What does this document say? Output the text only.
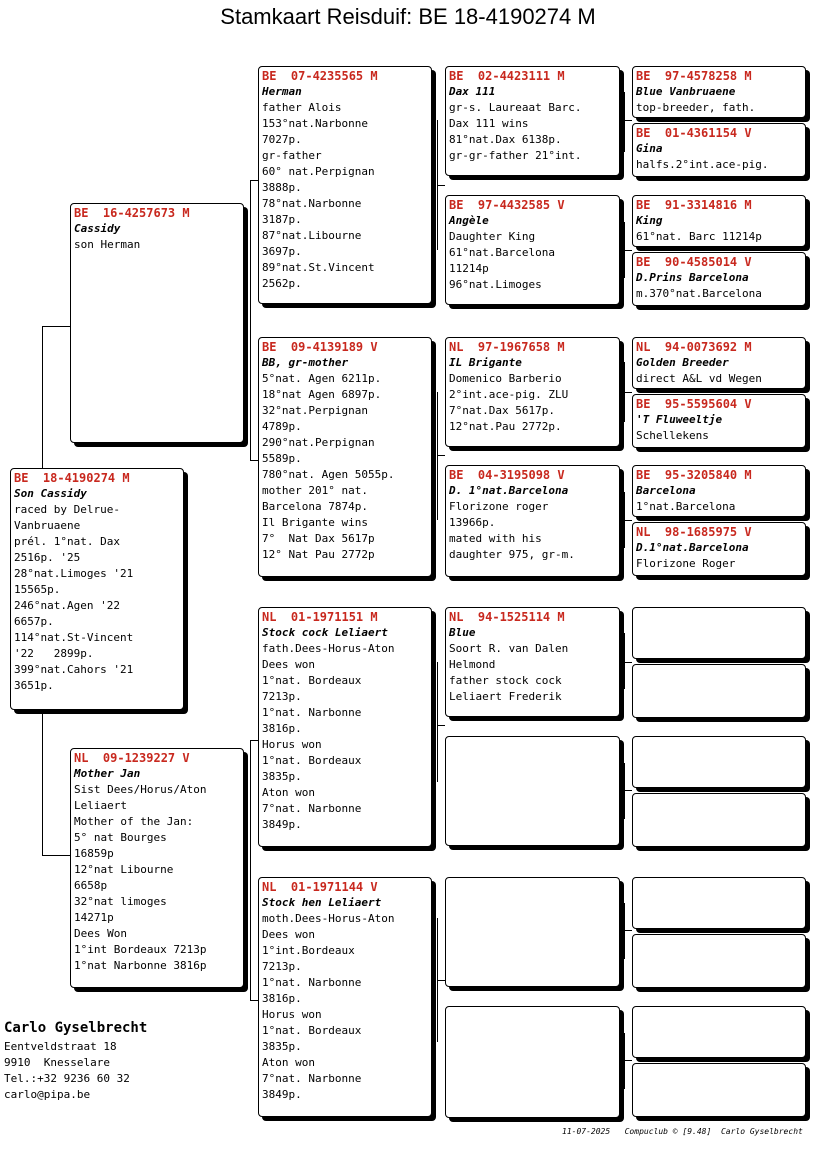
Stamkaart Reisduif: BE 18-4190274 M
BE  18-4190274 M
Son Cassidy
raced by Delrue-
Vanbruaene
prél. 1°nat. Dax
2516p. '25
28°nat.Limoges '21
15565p.
246°nat.Agen '22
6657p.
114°nat.St-Vincent
'22   2899p.
399°nat.Cahors '21
3651p.
BE  16-4257673 M
Cassidy
son Herman
NL  09-1239227 V
Mother Jan
Sist Dees/Horus/Aton
Leliaert
Mother of the Jan:
5° nat Bourges
16859p
12°nat Libourne
6658p
32°nat limoges
14271p
Dees Won
1°int Bordeaux 7213p
1°nat Narbonne 3816p
BE  07-4235565 M
Herman
father Alois
153°nat.Narbonne
7027p.
gr-father
60° nat.Perpignan
3888p.
78°nat.Narbonne
3187p.
87°nat.Libourne
3697p.
89°nat.St.Vincent
2562p.
BE  09-4139189 V
BB, gr-mother
5°nat. Agen 6211p.
18°nat Agen 6897p.
32°nat.Perpignan
4789p.
290°nat.Perpignan
5589p.
780°nat. Agen 5055p.
mother 201° nat.
Barcelona 7874p.
Il Brigante wins
7°  Nat Dax 5617p
12° Nat Pau 2772p
NL  01-1971151 M
Stock cock Leliaert
fath.Dees-Horus-Aton
Dees won
1°nat. Bordeaux
7213p.
1°nat. Narbonne
3816p.
Horus won
1°nat. Bordeaux
3835p.
Aton won
7°nat. Narbonne
3849p.
NL  01-1971144 V
Stock hen Leliaert
moth.Dees-Horus-Aton
Dees won
1°int.Bordeaux
7213p.
1°nat. Narbonne
3816p.
Horus won
1°nat. Bordeaux
3835p.
Aton won
7°nat. Narbonne
3849p.
BE  02-4423111 M
Dax 111
gr-s. Laureaat Barc.
Dax 111 wins
81°nat.Dax 6138p.
gr-gr-father 21°int.
BE  97-4432585 V
Angèle
Daughter King
61°nat.Barcelona
11214p
96°nat.Limoges
NL  97-1967658 M
IL Brigante
Domenico Barberio
2°int.ace-pig. ZLU
7°nat.Dax 5617p.
12°nat.Pau 2772p.
BE  04-3195098 V
D. 1°nat.Barcelona
Florizone roger
13966p.
mated with his
daughter 975, gr-m.
NL  94-1525114 M
Blue
Soort R. van Dalen
Helmond
father stock cock
Leliaert Frederik
BE  97-4578258 M
Blue Vanbruaene
top-breeder, fath.
BE  01-4361154 V
Gina
halfs.2°int.ace-pig.
BE  91-3314816 M
King
61°nat. Barc 11214p
BE  90-4585014 V
D.Prins Barcelona
m.370°nat.Barcelona
NL  94-0073692 M
Golden Breeder
direct A&L vd Wegen
BE  95-5595604 V
'T Fluweeltje
Schellekens
BE  95-3205840 M
Barcelona
1°nat.Barcelona
NL  98-1685975 V
D.1°nat.Barcelona
Florizone Roger
Carlo Gyselbrecht
Eentveldstraat 18
9910  Knesselare
Tel.:+32 9236 60 32
carlo@pipa.be
11-07-2025   Compuclub © [9.48]  Carlo Gyselbrecht
